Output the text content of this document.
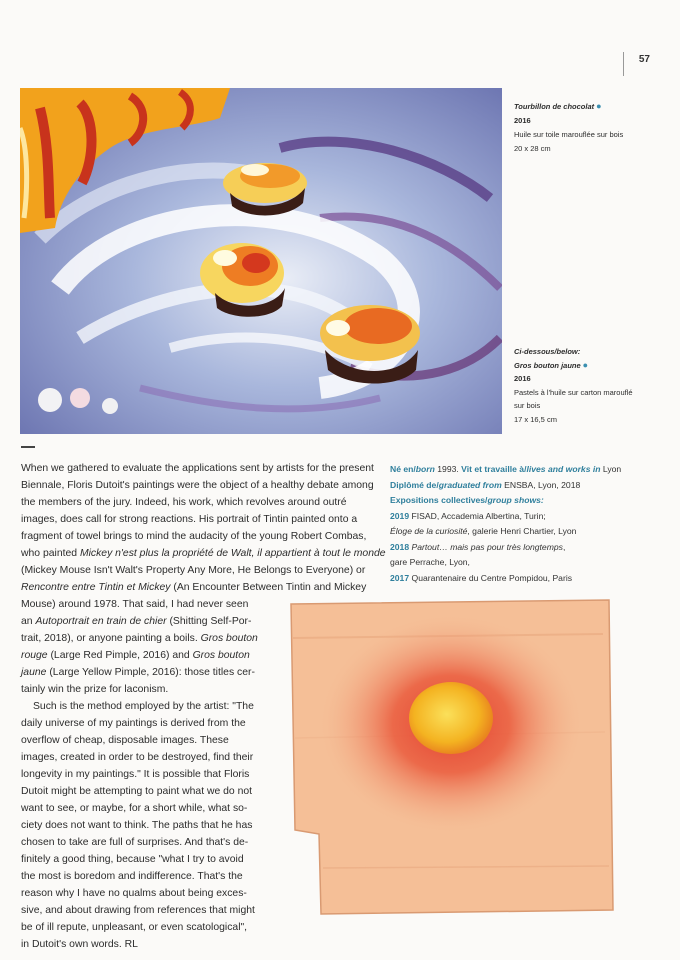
57
Tourbillon de chocolat ●
2016
Huile sur toile marouflée sur bois
20 x 28 cm
Ci-dessous/below:
Gros bouton jaune ●
2016
Pastels à l'huile sur carton marouflé
sur bois
17 x 16,5 cm
When we gathered to evaluate the applications sent by artists for the present
Biennale, Floris Dutoit's paintings were the object of a healthy debate among
the members of the jury. Indeed, his work, which revolves around outré
images, does call for strong reactions. His portrait of Tintin painted onto a
fragment of towel brings to mind the audacity of the young Robert Combas,
who painted Mickey n'est plus la propriété de Walt, il appartient à tout le monde
(Mickey Mouse Isn't Walt's Property Any More, He Belongs to Everyone) or
Rencontre entre Tintin et Mickey (An Encounter Between Tintin and Mickey
Mouse) around 1978. That said, I had never seen
an Autoportrait en train de chier (Shitting Self-Por-
trait, 2018), or anyone painting a boils. Gros bouton
rouge (Large Red Pimple, 2016) and Gros bouton
jaune (Large Yellow Pimple, 2016): those titles cer-
tainly win the prize for laconism.
Such is the method employed by the artist: "The
daily universe of my paintings is derived from the
overflow of cheap, disposable images. These
images, created in order to be destroyed, find their
longevity in my paintings." It is possible that Floris
Dutoit might be attempting to paint what we do not
want to see, or maybe, for a short while, what so-
ciety does not want to think. The paths that he has
chosen to take are full of surprises. And that's de-
finitely a good thing, because "what I try to avoid
the most is boredom and indifference. That's the
reason why I have no qualms about being exces-
sive, and about drawing from references that might
be of ill repute, unpleasant, or even scatological",
in Dutoit's own words. RL
Né en/born 1993. Vit et travaille à/lives and works in Lyon
Diplômé de/graduated from ENSBA, Lyon, 2018
Expositions collectives/group shows:
2019 FISAD, Accademia Albertina, Turin;
Éloge de la curiosité, galerie Henri Chartier, Lyon
2018 Partout… mais pas pour très longtemps,
gare Perrache, Lyon,
2017 Quarantenaire du Centre Pompidou, Paris
